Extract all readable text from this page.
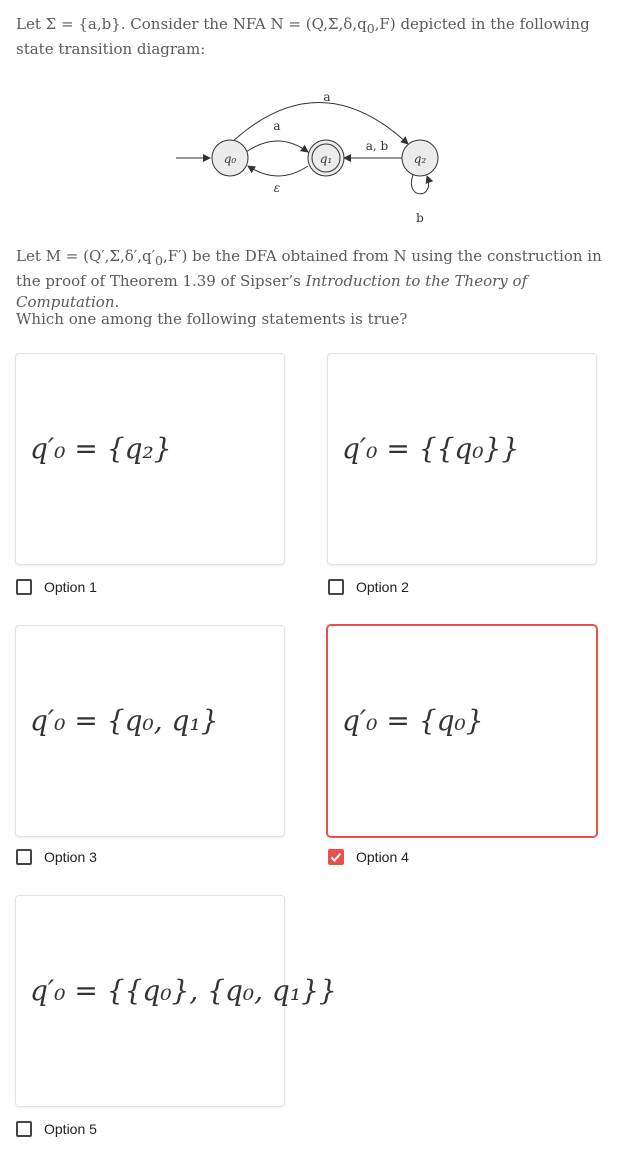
Let Σ = {a,b}. Consider the NFA $N = (Q,\Sigma,\delta,q_0,F)$ depicted in the following state transition diagram:
a
ε
a
a, b
b
q₀	q₁	q₂
Let $M = (Q',\Sigma,\delta',q'_0,F')$ be the DFA obtained from N using the construction in the proof of Theorem 1.39 of Sipser’s Introduction to the Theory of Computation.
Which one among the following statements is true?
q′₀ = {q₂}
Option 1
q′₀ = {{q₀}}
Option 2
q′₀ = {q₀, q₁}
Option 3
q′₀ = {q₀}
Option 4
q′₀ = {{q₀}, {q₀, q₁}}
Option 5
